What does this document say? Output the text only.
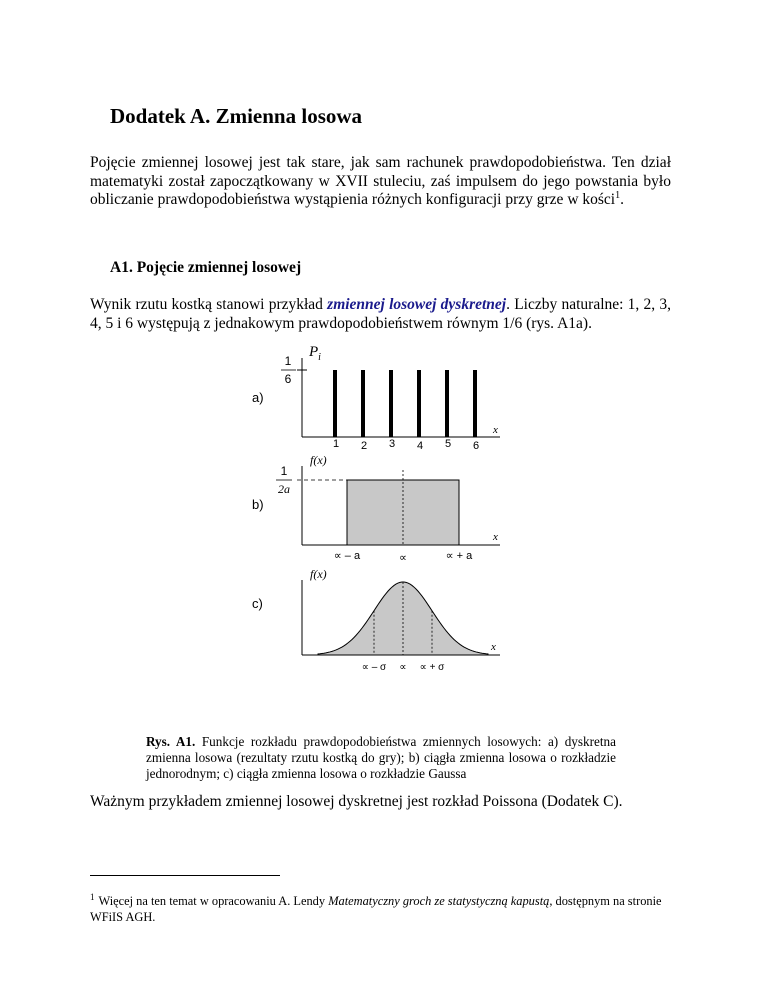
Dodatek A. Zmienna losowa

Pojęcie zmiennej losowej jest tak stare, jak sam rachunek prawdopodobieństwa. Ten dział matematyki został zapoczątkowany w XVII stuleciu, zaś impulsem do jego powstania było obliczanie prawdopodobieństwa wystąpienia różnych konfiguracji przy grze w kości$^1$.

A1. Pojęcie zmiennej losowej

Wynik rzutu kostką stanowi przykład zmiennej losowej dyskretnej. Liczby naturalne: 1, 2, 3, 4, 5 i 6 występują z jednakowym prawdopodobieństwem równym 1/6 (rys. A1a).

a)
1
6
$P_i$
x
1 2 3 4 5 6
b)
f(x)
1
2a
x
∝ – a	∝	∝ + a
c)
f(x)
x
∝ – σ ∝ ∝ + σ

Rys. A1. Funkcje rozkładu prawdopodobieństwa zmiennych losowych: a) dyskretna zmienna losowa (rezultaty rzutu kostką do gry); b) ciągła zmienna losowa o rozkładzie jednorodnym; c) ciągła zmienna losowa o rozkładzie Gaussa

Ważnym przykładem zmiennej losowej dyskretnej jest rozkład Poissona (Dodatek C).

$^1$ Więcej na ten temat w opracowaniu A. Lendy Matematyczny groch ze statystyczną kapustą, dostępnym na stronie WFiIS AGH.
